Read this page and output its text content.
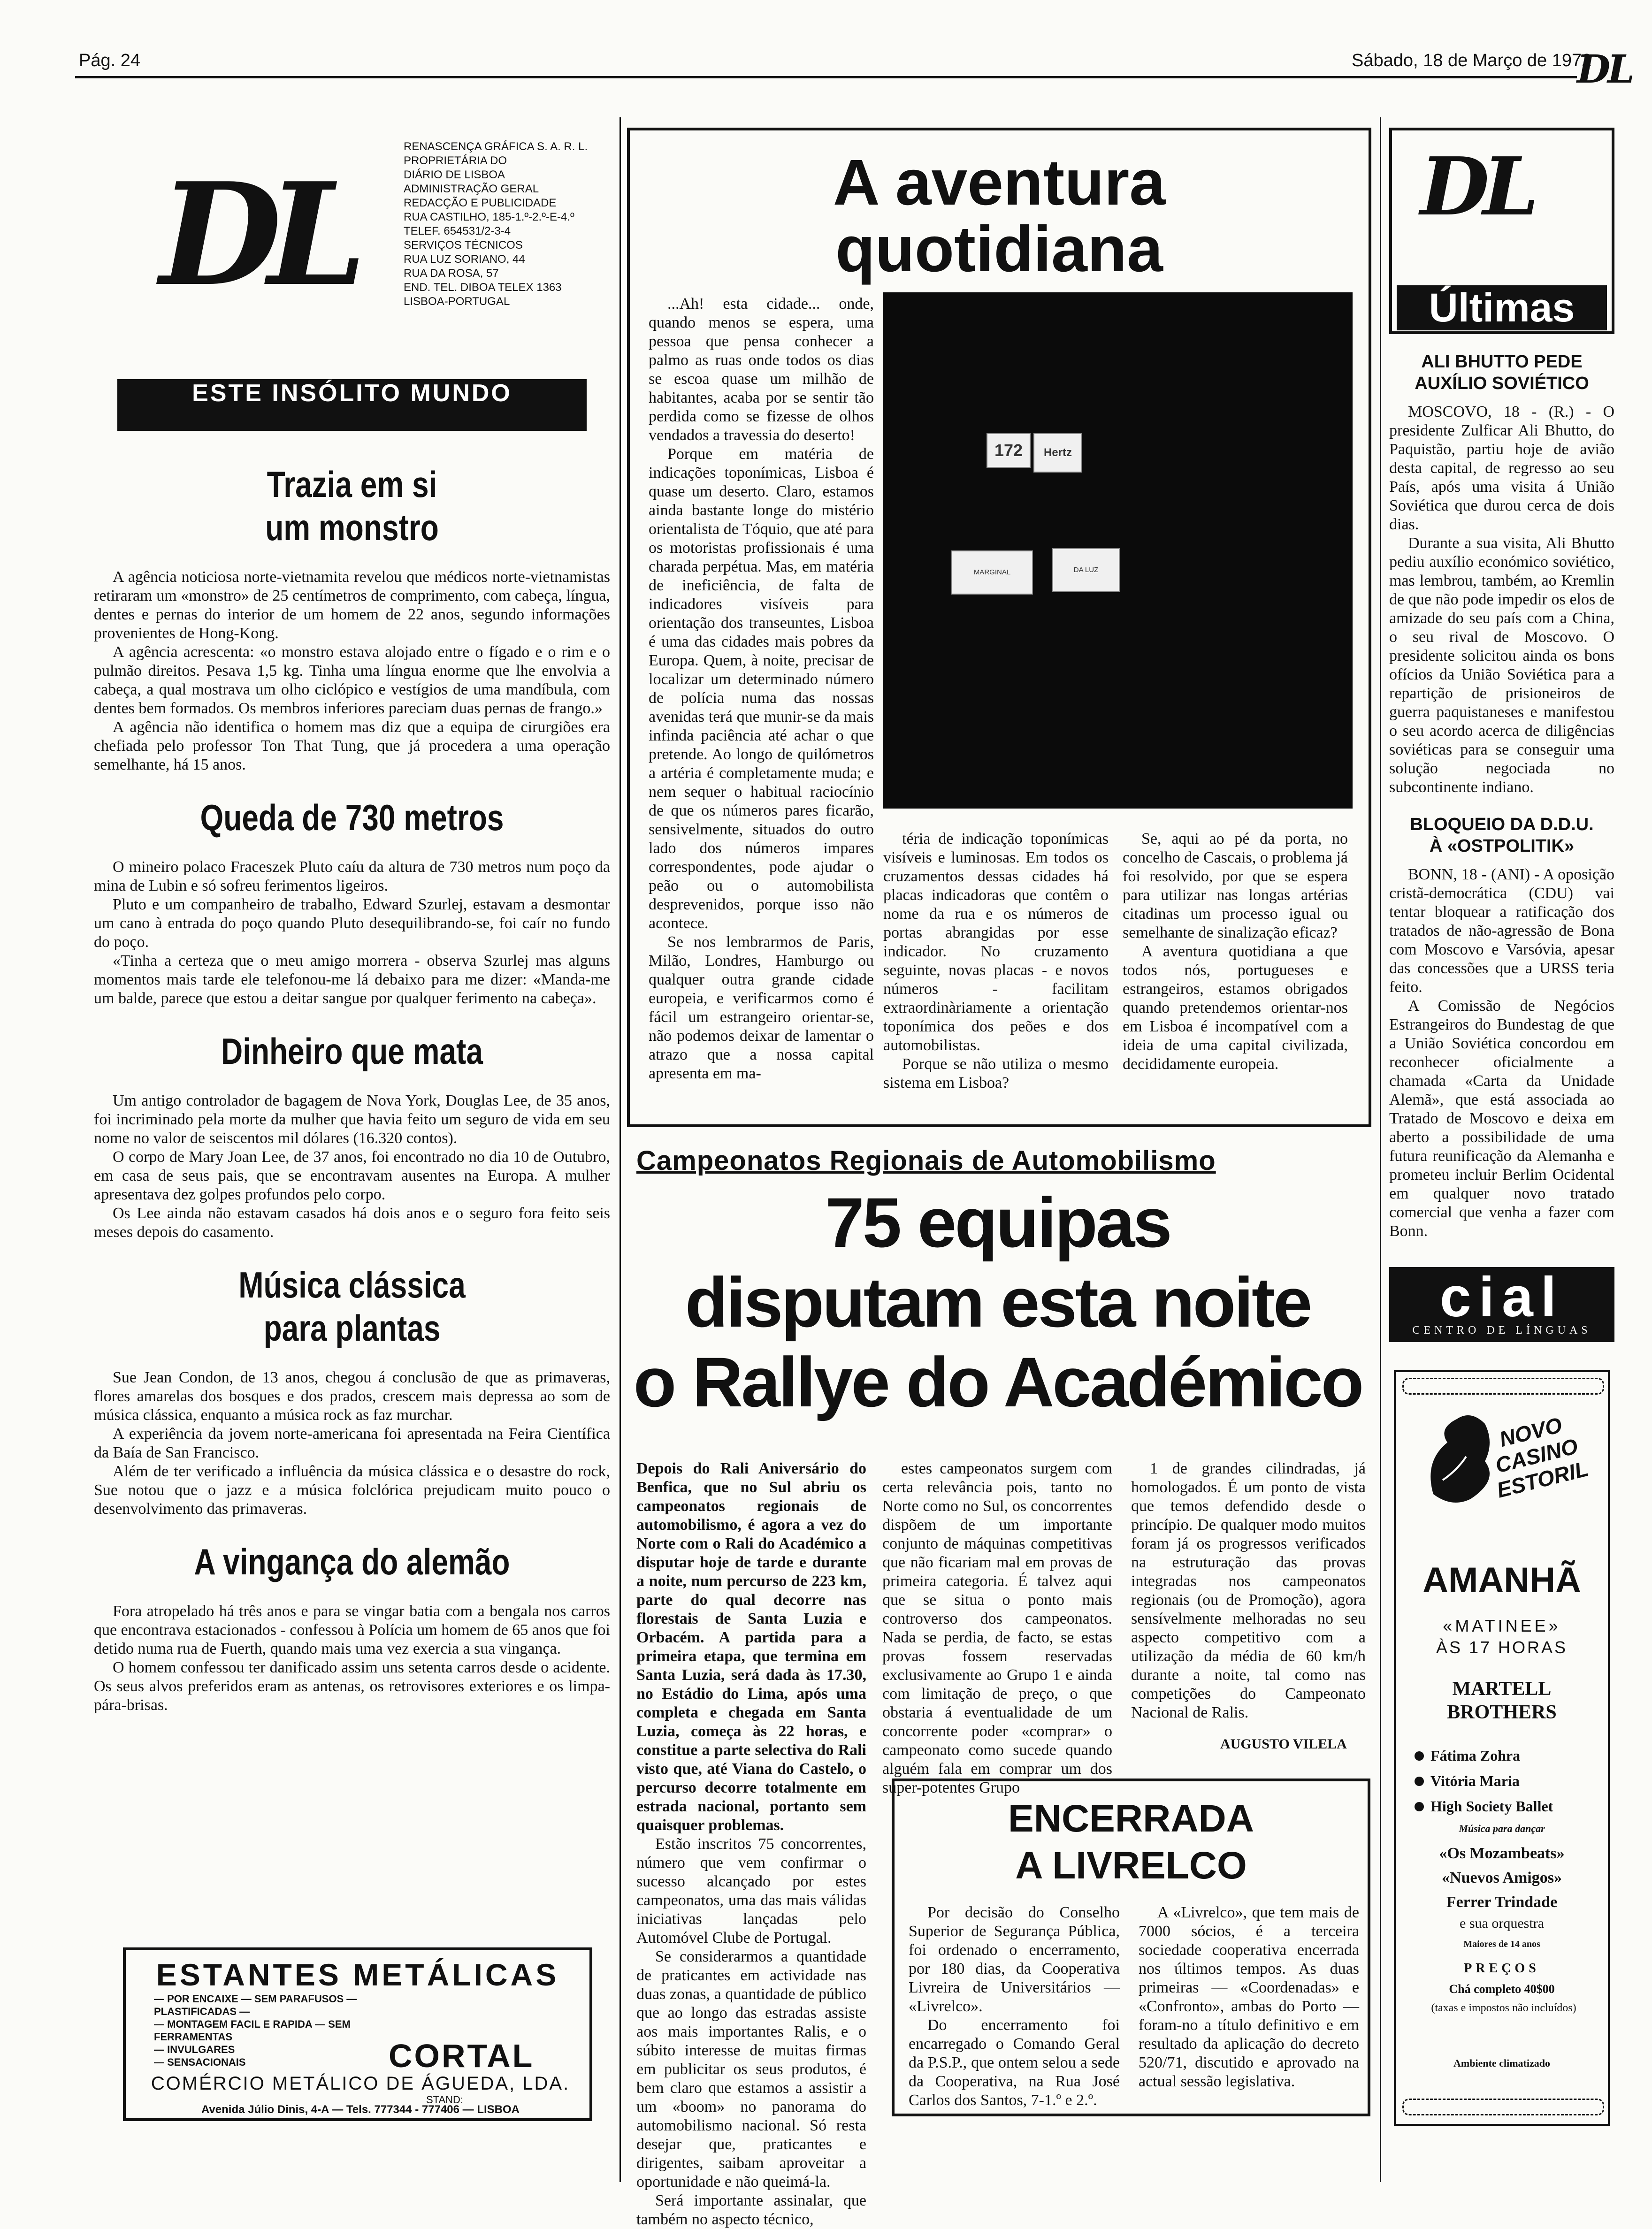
Pág. 24	Sábado, 18 de Março de 1972
DL
DL
RENASCENÇA GRÁFICA S. A. R. L.
PROPRIETÁRIA DO
DIÁRIO DE LISBOA
ADMINISTRAÇÃO GERAL
REDACÇÃO E PUBLICIDADE
RUA CASTILHO, 185-1.º-2.º-E-4.º
TELEF. 654531/2-3-4
SERVIÇOS TÉCNICOS
RUA LUZ SORIANO, 44
RUA DA ROSA, 57
END. TEL. DIBOA TELEX 1363
LISBOA-PORTUGAL
ESTE INSÓLITO MUNDO
Trazia em si
um monstro

A agência noticiosa norte-vietnamita revelou que médicos norte-vietnamistas retiraram um «monstro» de 25 centímetros de comprimento, com cabeça, língua, dentes e pernas do interior de um homem de 22 anos, segundo informações provenientes de Hong-Kong.

A agência acrescenta: «o monstro estava alojado entre o fígado e o rim e o pulmão direitos. Pesava 1,5 kg. Tinha uma língua enorme que lhe envolvia a cabeça, a qual mostrava um olho ciclópico e vestígios de uma mandíbula, com dentes bem formados. Os membros inferiores pareciam duas pernas de frango.»

A agência não identifica o homem mas diz que a equipa de cirurgiões era chefiada pelo professor Ton That Tung, que já procedera a uma operação semelhante, há 15 anos.

Queda de 730 metros

O mineiro polaco Fraceszek Pluto caíu da altura de 730 metros num poço da mina de Lubin e só sofreu ferimentos ligeiros.

Pluto e um companheiro de trabalho, Edward Szurlej, estavam a desmontar um cano à entrada do poço quando Pluto desequilibrando-se, foi caír no fundo do poço.

«Tinha a certeza que o meu amigo morrera - observa Szurlej mas alguns momentos mais tarde ele telefonou-me lá debaixo para me dizer: «Manda-me um balde, parece que estou a deitar sangue por qualquer ferimento na cabeça».

Dinheiro que mata

Um antigo controlador de bagagem de Nova York, Douglas Lee, de 35 anos, foi incriminado pela morte da mulher que havia feito um seguro de vida em seu nome no valor de seiscentos mil dólares (16.320 contos).

O corpo de Mary Joan Lee, de 37 anos, foi encontrado no dia 10 de Outubro, em casa de seus pais, que se encontravam ausentes na Europa. A mulher apresentava dez golpes profundos pelo corpo.

Os Lee ainda não estavam casados há dois anos e o seguro fora feito seis meses depois do casamento.

Música clássica
para plantas

Sue Jean Condon, de 13 anos, chegou á conclusão de que as primaveras, flores amarelas dos bosques e dos prados, crescem mais depressa ao som de música clássica, enquanto a música rock as faz murchar.

A experiência da jovem norte-americana foi apresentada na Feira Científica da Baía de San Francisco.

Além de ter verificado a influência da música clássica e o desastre do rock, Sue notou que o jazz e a música folclórica prejudicam muito pouco o desenvolvimento das primaveras.

A vingança do alemão

Fora atropelado há três anos e para se vingar batia com a bengala nos carros que encontrava estacionados - confessou à Polícia um homem de 65 anos que foi detido numa rua de Fuerth, quando mais uma vez exercia a sua vingança.

O homem confessou ter danificado assim uns setenta carros desde o acidente. Os seus alvos preferidos eram as antenas, os retrovisores exteriores e os limpa-pára-brisas.

ESTANTES METÁLICAS
— POR ENCAIXE — SEM PARAFUSOS — PLASTIFICADAS —
— MONTAGEM FACIL E RAPIDA — SEM FERRAMENTAS
— INVULGARES
— SENSACIONAIS	CORTAL
COMÉRCIO METÁLICO DE ÁGUEDA, LDA.
STAND:
Avenida Júlio Dinis, 4-A — Tels. 777344 - 777406 — LISBOA
A aventura
quotidiana

...Ah! esta cidade... onde, quando menos se espera, uma pessoa que pensa conhecer a palmo as ruas onde todos os dias se escoa quase um milhão de habitantes, acaba por se sentir tão perdida como se fizesse de olhos vendados a travessia do deserto!

Porque em matéria de indicações toponímicas, Lisboa é quase um deserto. Claro, estamos ainda bastante longe do mistério orientalista de Tóquio, que até para os motoristas profissionais é uma charada perpétua. Mas, em matéria de ineficiência, de falta de indicadores visíveis para orientação dos transeuntes, Lisboa é uma das cidades mais pobres da Europa. Quem, à noite, precisar de localizar um determinado número de polícia numa das nossas avenidas terá que munir-se da mais infinda paciência até achar o que pretende. Ao longo de quilómetros a artéria é completamente muda; e nem sequer o habitual raciocínio de que os números pares ficarão, sensivelmente, situados do outro lado dos números impares correspondentes, pode ajudar o peão ou o automobilista desprevenidos, porque isso não acontece.

Se nos lembrarmos de Paris, Milão, Londres, Hamburgo ou qualquer outra grande cidade europeia, e verificarmos como é fácil um estrangeiro orientar-se, não podemos deixar de lamentar o atrazo que a nossa capital apresenta em ma-

172	Hertz
MARGINAL	DA LUZ

téria de indicação toponímicas visíveis e luminosas. Em todos os cruzamentos dessas cidades há placas indicadoras que contêm o nome da rua e os números de portas abrangidas por esse indicador. No cruzamento seguinte, novas placas - e novos números - facilitam extraordinàriamente a orientação toponímica dos peões e dos automobilistas.

Porque se não utiliza o mesmo sistema em Lisboa?

Se, aqui ao pé da porta, no concelho de Cascais, o problema já foi resolvido, por que se espera para utilizar nas longas artérias citadinas um processo igual ou semelhante de sinalização eficaz?

A aventura quotidiana a que todos nós, portugueses e estrangeiros, estamos obrigados quando pretendemos orientar-nos em Lisboa é incompatível com a ideia de uma capital civilizada, decididamente europeia.

Campeonatos Regionais de Automobilismo
75 equipas
disputam esta noite
o Rallye do Académico

Depois do Rali Aniversário do Benfica, que no Sul abriu os campeonatos regionais de automobilismo, é agora a vez do Norte com o Rali do Académico a disputar hoje de tarde e durante a noite, num percurso de 223 km, parte do qual decorre nas florestais de Santa Luzia e Orbacém. A partida para a primeira etapa, que termina em Santa Luzia, será dada às 17.30, no Estádio do Lima, após uma completa e chegada em Santa Luzia, começa às 22 horas, e constitue a parte selectiva do Rali visto que, até Viana do Castelo, o percurso decorre totalmente em estrada nacional, portanto sem quaisquer problemas.

Estão inscritos 75 concorrentes, número que vem confirmar o sucesso alcançado por estes campeonatos, uma das mais válidas iniciativas lançadas pelo Automóvel Clube de Portugal.

Se considerarmos a quantidade de praticantes em actividade nas duas zonas, a quantidade de público que ao longo das estradas assiste aos mais importantes Ralis, e o súbito interesse de muitas firmas em publicitar os seus produtos, é bem claro que estamos a assistir a um «boom» no panorama do automobilismo nacional. Só resta desejar que, praticantes e dirigentes, saibam aproveitar a oportunidade e não queimá-la.

Será importante assinalar, que também no aspecto técnico,

estes campeonatos surgem com certa relevância pois, tanto no Norte como no Sul, os concorrentes dispõem de um importante conjunto de máquinas competitivas que não ficariam mal em provas de primeira categoria. É talvez aqui que se situa o ponto mais controverso dos campeonatos. Nada se perdia, de facto, se estas provas fossem reservadas exclusivamente ao Grupo 1 e ainda com limitação de preço, o que obstaria á eventualidade de um concorrente poder «comprar» o campeonato como sucede quando alguém fala em comprar um dos super-potentes Grupo

1 de grandes cilindradas, já homologados. É um ponto de vista que temos defendido desde o princípio. De qualquer modo muitos foram já os progressos verificados na estruturação das provas integradas nos campeonatos regionais (ou de Promoção), agora sensívelmente melhoradas no seu aspecto competitivo com a utilização da média de 60 km/h durante a noite, tal como nas competições do Campeonato Nacional de Ralis.

AUGUSTO VILELA
ENCERRADA
A LIVRELCO

Por decisão do Conselho Superior de Segurança Pública, foi ordenado o encerramento, por 180 dias, da Cooperativa Livreira de Universitários — «Livrelco».

Do encerramento foi encarregado o Comando Geral da P.S.P., que ontem selou a sede da Cooperativa, na Rua José Carlos dos Santos, 7-1.º e 2.º.

A «Livrelco», que tem mais de 7000 sócios, é a terceira sociedade cooperativa encerrada nos últimos tempos. As duas primeiras — «Coordenadas» e «Confronto», ambas do Porto — foram-no a título definitivo e em resultado da aplicação do decreto 520/71, discutido e aprovado na actual sessão legislativa.

DL
Últimas
ALI BHUTTO PEDE
AUXÍLIO SOVIÉTICO

MOSCOVO, 18 - (R.) - O presidente Zulficar Ali Bhutto, do Paquistão, partiu hoje de avião desta capital, de regresso ao seu País, após uma visita á União Soviética que durou cerca de dois dias.

Durante a sua visita, Ali Bhutto pediu auxílio económico soviético, mas lembrou, também, ao Kremlin de que não pode impedir os elos de amizade do seu país com a China, o seu rival de Moscovo. O presidente solicitou ainda os bons ofícios da União Soviética para a repartição de prisioneiros de guerra paquistaneses e manifestou o seu acordo acerca de diligências soviéticas para se conseguir uma solução negociada no subcontinente indiano.

BLOQUEIO DA D.D.U.
À «OSTPOLITIK»

BONN, 18 - (ANI) - A oposição cristã-democrática (CDU) vai tentar bloquear a ratificação dos tratados de não-agressão de Bona com Moscovo e Varsóvia, apesar das concessões que a URSS teria feito.

A Comissão de Negócios Estrangeiros do Bundestag de que a União Soviética concordou em reconhecer oficialmente a chamada «Carta da Unidade Alemã», que está associada ao Tratado de Moscovo e deixa em aberto a possibilidade de uma futura reunificação da Alemanha e prometeu incluir Berlim Ocidental em qualquer novo tratado comercial que venha a fazer com Bonn.

cial
CENTRO DE LÍNGUAS
NOVO CASINO ESTORIL
AMANHÃ
«MATINEE»
ÀS 17 HORAS
MARTELL
BROTHERS
Fátima Zohra
Vitória Maria
High Society Ballet
Música para dançar
«Os Mozambeats»
«Nuevos Amigos»
Ferrer Trindade
e sua orquestra
Maiores de 14 anos
PREÇOS
Chá completo 40$00
(taxas e impostos não incluídos)
Ambiente climatizado
